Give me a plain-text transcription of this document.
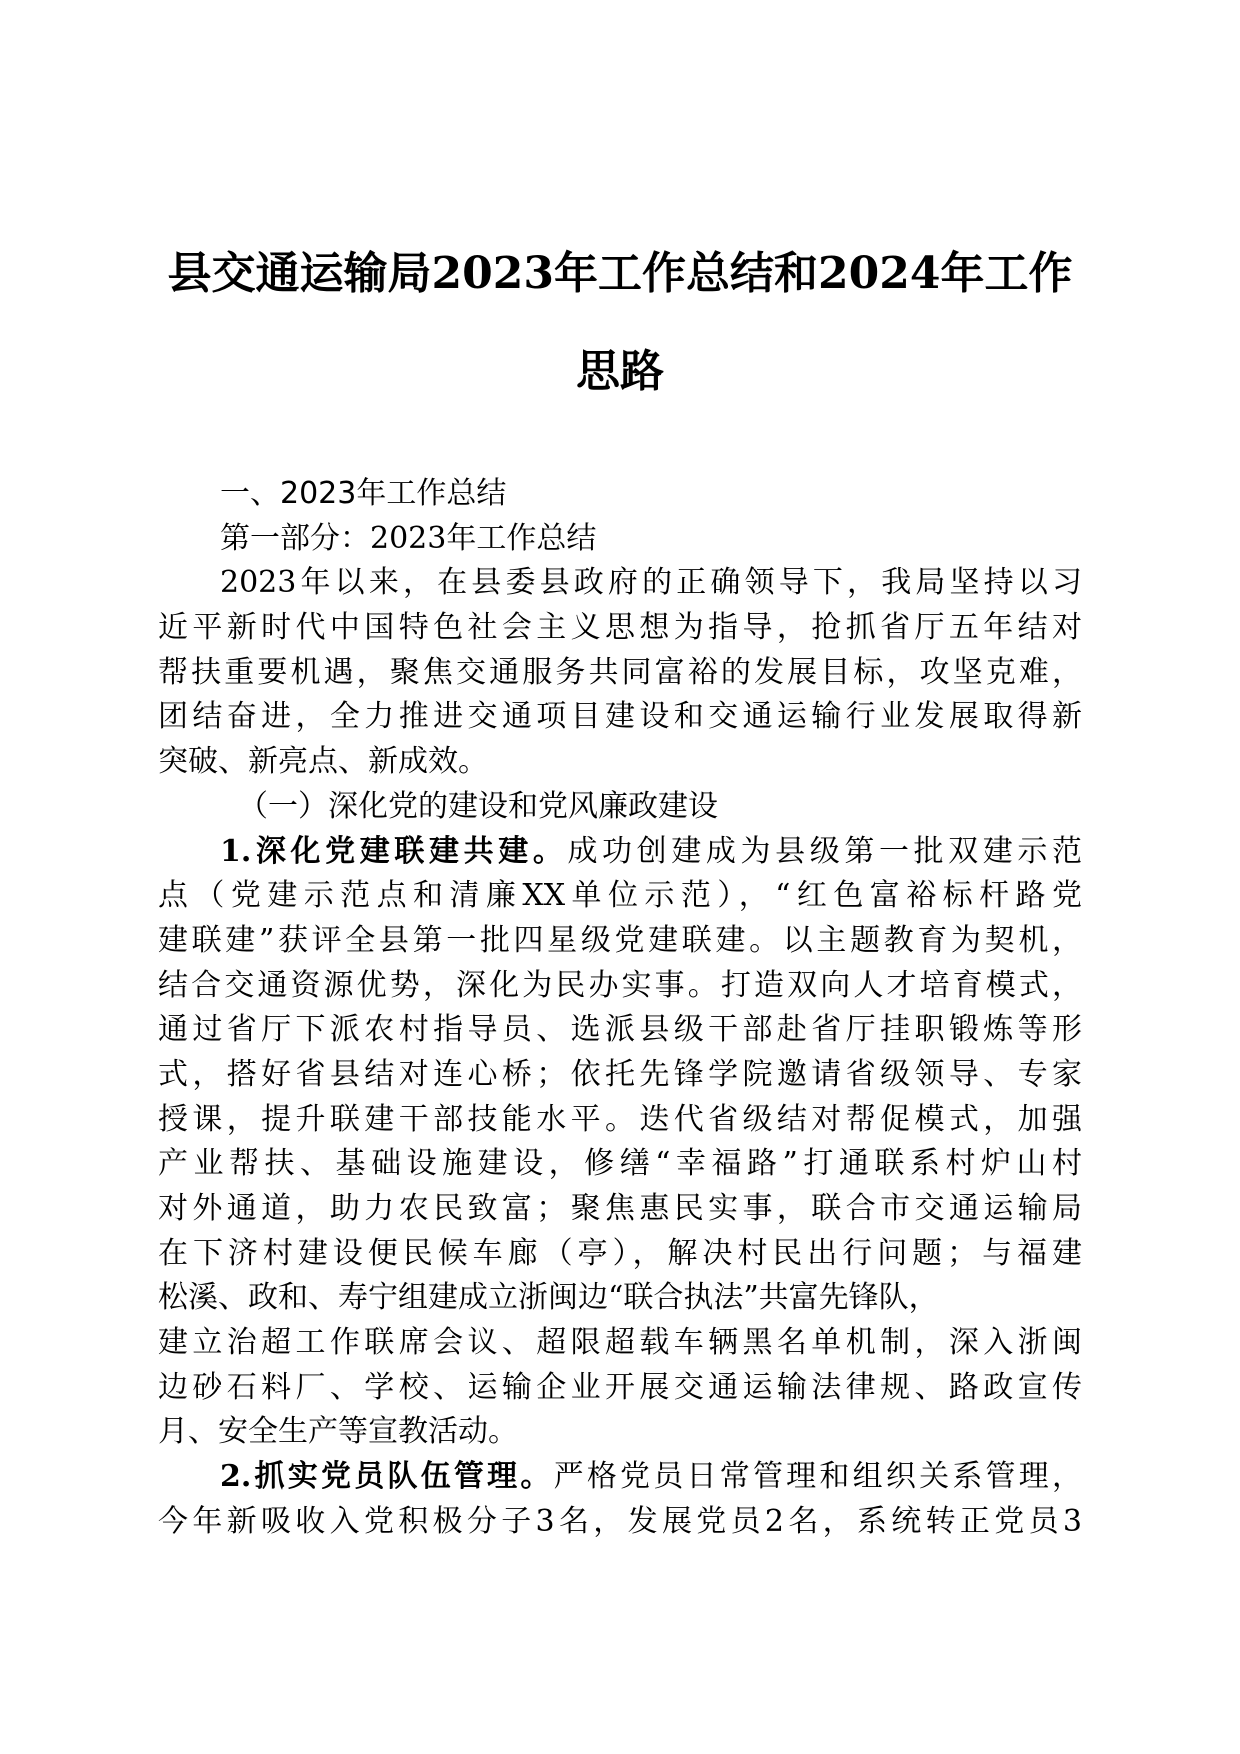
县交通运输局2023年工作总结和2024年工作
思路
一、2023年工作总结
第一部分：2023年工作总结
2023年以来，在县委县政府的正确领导下，我局坚持以习
近平新时代中国特色社会主义思想为指导，抢抓省厅五年结对
帮扶重要机遇，聚焦交通服务共同富裕的发展目标，攻坚克难，
团结奋进，全力推进交通项目建设和交通运输行业发展取得新
突破、新亮点、新成效。
（一）深化党的建设和党风廉政建设
1.深化党建联建共建。成功创建成为县级第一批双建示范
点（党建示范点和清廉XX单位示范），“红色富裕标杆路党
建联建”获评全县第一批四星级党建联建。以主题教育为契机，
结合交通资源优势，深化为民办实事。打造双向人才培育模式，
通过省厅下派农村指导员、选派县级干部赴省厅挂职锻炼等形
式，搭好省县结对连心桥；依托先锋学院邀请省级领导、专家
授课，提升联建干部技能水平。迭代省级结对帮促模式，加强
产业帮扶、基础设施建设，修缮“幸福路”打通联系村炉山村
对外通道，助力农民致富；聚焦惠民实事，联合市交通运输局
在下济村建设便民候车廊（亭），解决村民出行问题；与福建
松溪、政和、寿宁组建成立浙闽边“联合执法”共富先锋队，
建立治超工作联席会议、超限超载车辆黑名单机制，深入浙闽
边砂石料厂、学校、运输企业开展交通运输法律规、路政宣传
月、安全生产等宣教活动。
2.抓实党员队伍管理。严格党员日常管理和组织关系管理，
今年新吸收入党积极分子3名，发展党员2名，系统转正党员3
